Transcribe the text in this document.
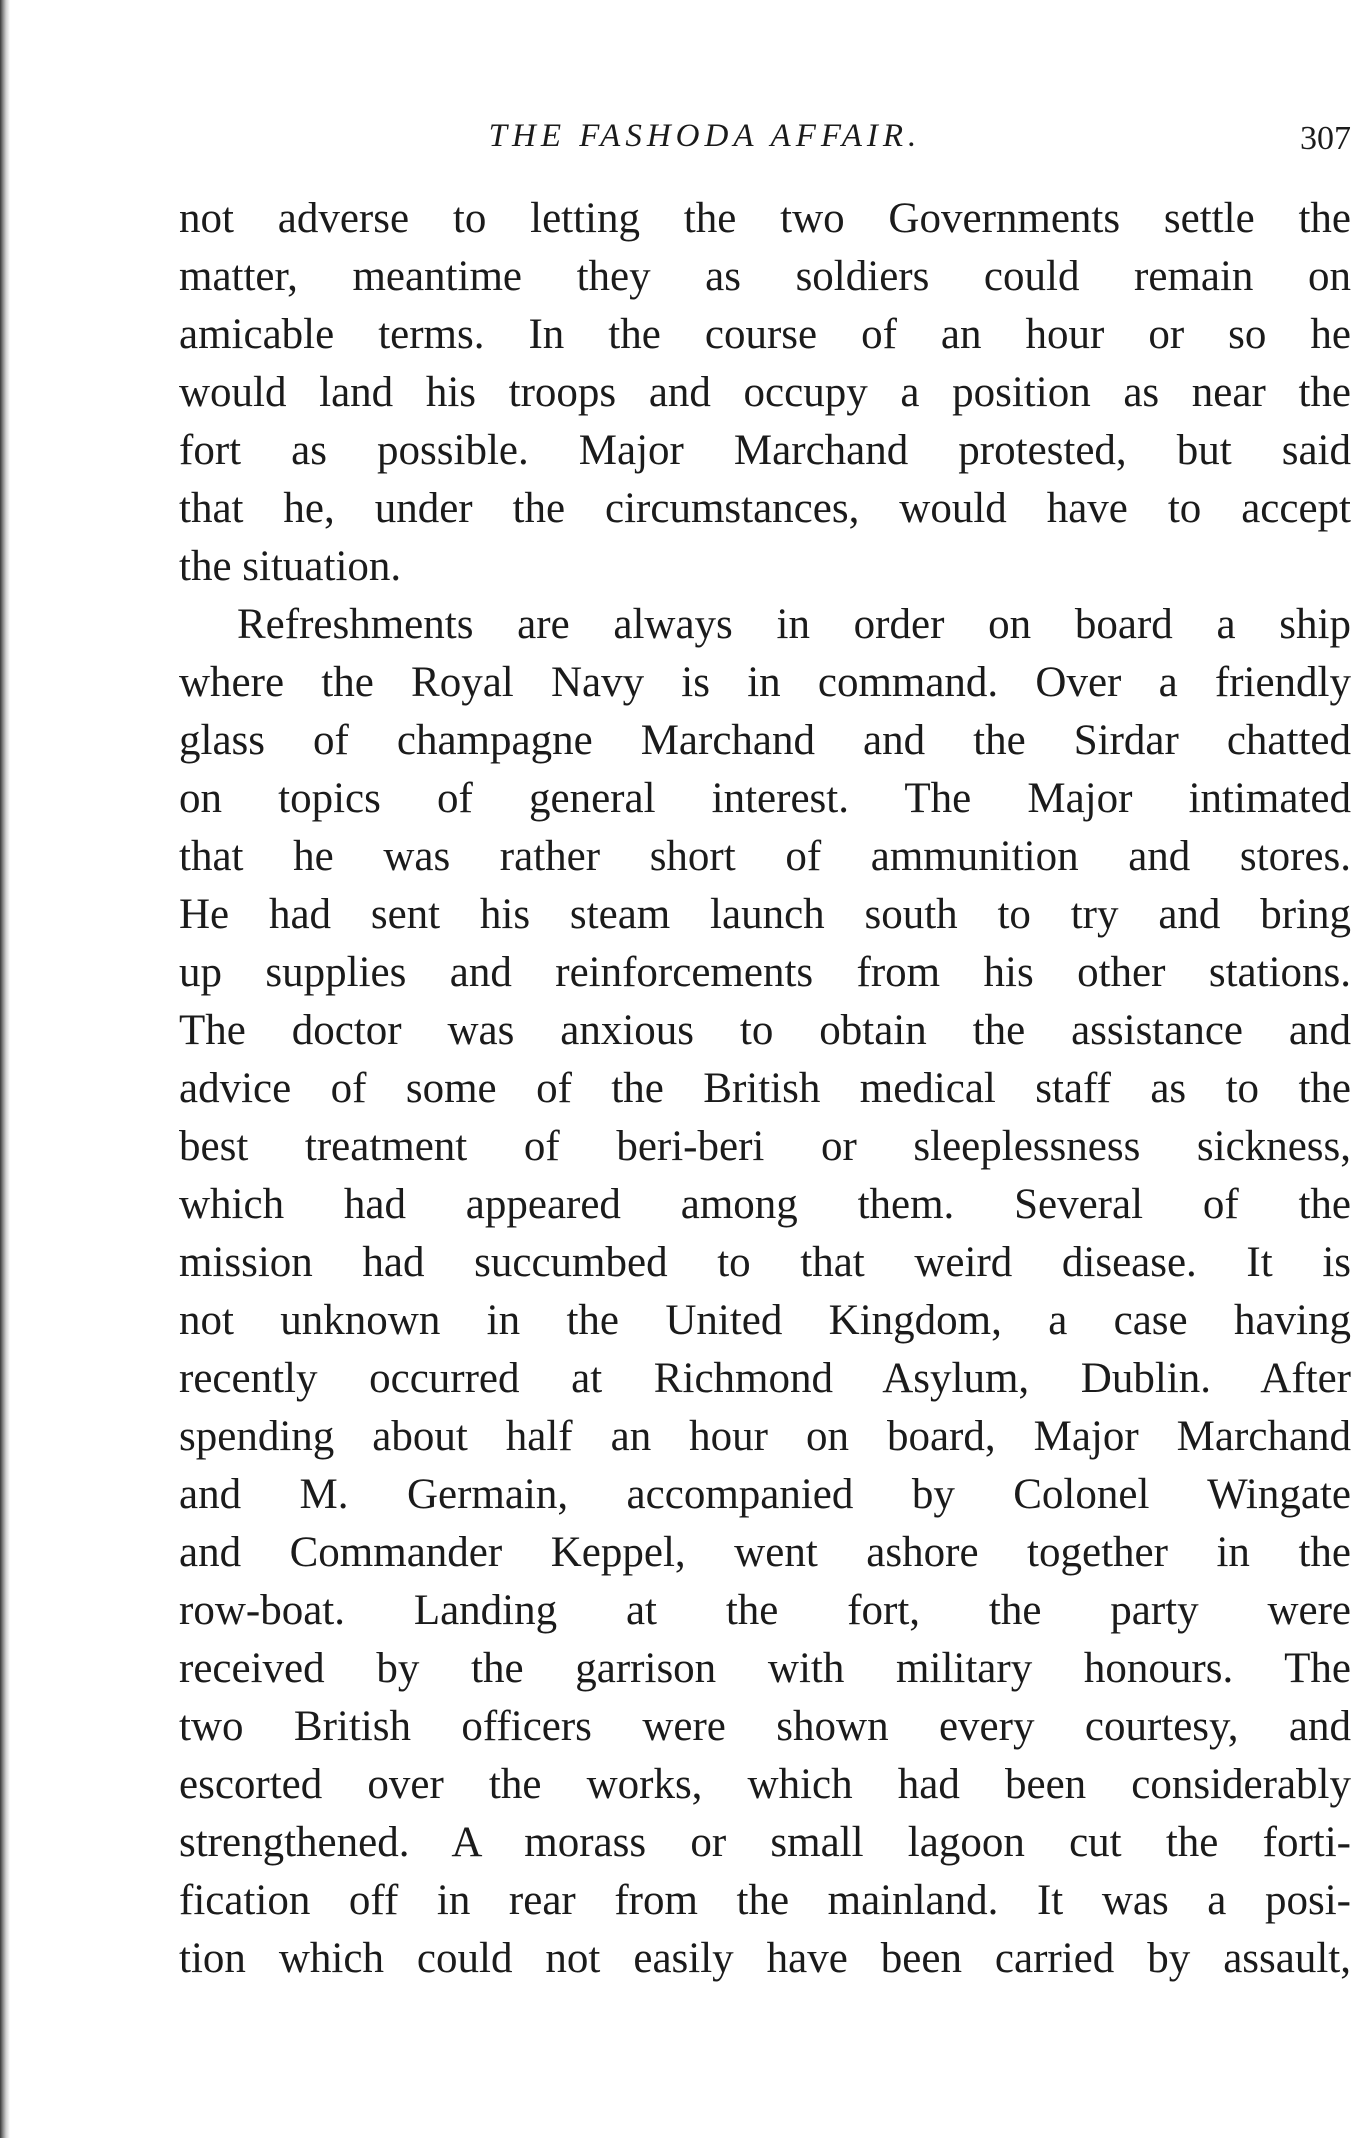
THE FASHODA AFFAIR.	307
not adverse to letting the two Governments settle the
matter, meantime they as soldiers could remain on
amicable terms. In the course of an hour or so he
would land his troops and occupy a position as near the
fort as possible. Major Marchand protested, but said
that he, under the circumstances, would have to accept
the situation.
Refreshments are always in order on board a ship
where the Royal Navy is in command. Over a friendly
glass of champagne Marchand and the Sirdar chatted
on topics of general interest. The Major intimated
that he was rather short of ammunition and stores.
He had sent his steam launch south to try and bring
up supplies and reinforcements from his other stations.
The doctor was anxious to obtain the assistance and
advice of some of the British medical staff as to the
best treatment of beri-beri or sleeplessness sickness,
which had appeared among them. Several of the
mission had succumbed to that weird disease. It is
not unknown in the United Kingdom, a case having
recently occurred at Richmond Asylum, Dublin. After
spending about half an hour on board, Major Marchand
and M. Germain, accompanied by Colonel Wingate
and Commander Keppel, went ashore together in the
row-boat. Landing at the fort, the party were
received by the garrison with military honours. The
two British officers were shown every courtesy, and
escorted over the works, which had been considerably
strengthened. A morass or small lagoon cut the forti-
fication off in rear from the mainland. It was a posi-
tion which could not easily have been carried by assault,
